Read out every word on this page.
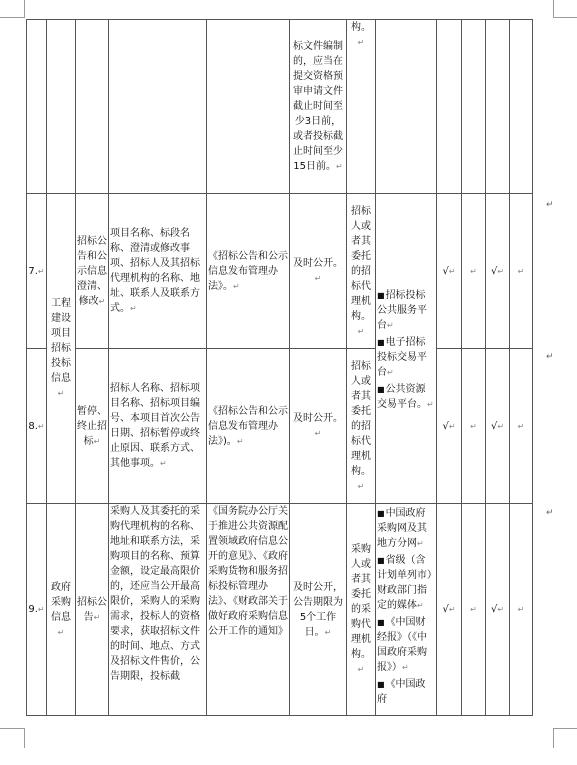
					标文件编制的，应当在提交资格预审申请文件截止时间至少3日前，或者投标截止时间至少15日前。↵	构。↵					
7.↵	工程建设项目招标投标信息↵	招标公告和公示信息澄清、修改↵	项目名称、标段名称、澄清或修改事项、招标人及其招标代理机构的名称、地址、联系人及联系方式。↵	《招标公告和公示信息发布管理办法》。↵	及时公开。↵	招标人或者其委托的招标代理机构。↵	■招标投标公共服务平台↵
■电子招标投标交易平台↵
■公共资源交易平台。↵	√↵	↵	√↵	↵
8.↵		暂停、终止招标↵	招标人名称、招标项目名称、招标项目编号、本项目首次公告日期、招标暂停或终止原因、联系方式、其他事项。↵	《招标公告和公示信息发布管理办法》)。↵	及时公开。↵	招标人或者其委托的招标代理机构。↵		√↵	↵	√↵	↵
9.↵	政府采购信息↵	招标公告↵	采购人及其委托的采购代理机构的名称、地址和联系方法，采购项目的名称、预算金额，设定最高限价的，还应当公开最高限价，采购人的采购需求，投标人的资格要求，获取招标文件的时间、地点、方式及招标文件售价，公告期限，投标截	《国务院办公厅关于推进公共资源配置领域政府信息公开的意见》、《政府采购货物和服务招标投标管理办法》、《财政部关于做好政府采购信息公开工作的通知》	及时公开，公告期限为5个工作日。↵	采购人或者其委托的采购代理机构。↵	■中国政府采购网及其地方分网↵
■省级（含计划单列市）财政部门指定的媒体↵
■《中国财经报》（《中国政府采购报》）↵
■《中国政府	√↵	↵	√↵	↵
↵
↵
↵
